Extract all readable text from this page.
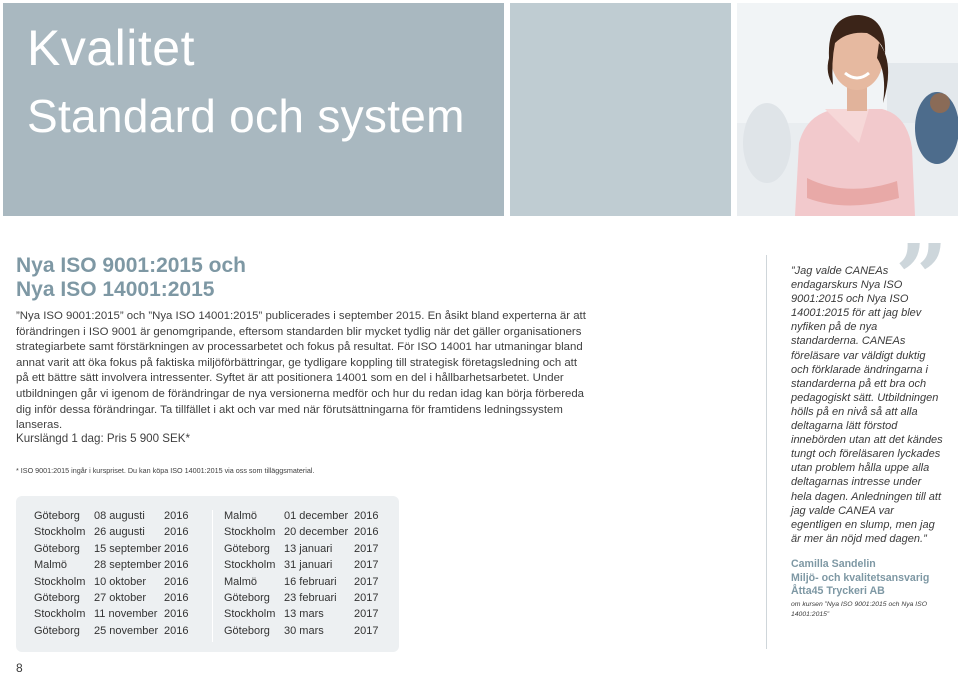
Kvalitet
Standard och system
Nya ISO 9001:2015 och
Nya ISO 14001:2015

”Nya ISO 9001:2015” och ”Nya ISO 14001:2015” publicerades i september 2015. En åsikt bland experterna är att förändringen i ISO 9001 är genomgripande, eftersom standarden blir mycket tydlig när det gäller organisationers strategiarbete samt förstärkningen av processarbetet och fokus på resultat. För ISO 14001 har utmaningar bland annat varit att öka fokus på faktiska miljöförbättringar, ge tydligare koppling till strategisk företagsledning och att på ett bättre sätt involvera intressenter. Syftet är att positionera 14001 som en del i hållbarhetsarbetet. Under utbildningen går vi igenom de förändringar de nya versionerna medför och hur du redan idag kan börja förbereda dig inför dessa förändringar. Ta tillfället i akt och var med när förutsättningarna för framtidens ledningssystem lanseras.

Kurslängd 1 dag: Pris 5 900 SEK*
* ISO 9001:2015 ingår i kurspriset. Du kan köpa ISO 14001:2015 via oss som tilläggsmaterial.
Göteborg 08 augusti 2016
Stockholm 26 augusti 2016
Göteborg 15 september 2016
Malmö 28 september 2016
Stockholm 10 oktober 2016
Göteborg 27 oktober 2016
Stockholm 11 november 2016
Göteborg 25 november 2016
Malmö 01 december 2016
Stockholm 20 december 2016
Göteborg 13 januari 2017
Stockholm 31 januari 2017
Malmö 16 februari 2017
Göteborg 23 februari 2017
Stockholm 13 mars	2017
Göteborg 30 mars	2017
”

”Jag valde CANEAs endagarskurs Nya ISO 9001:2015 och Nya ISO 14001:2015 för att jag blev nyfiken på de nya standarderna. CANEAs föreläsare var väldigt duktig och förklarade ändringarna i standarderna på ett bra och pedagogiskt sätt. Utbildningen hölls på en nivå så att alla deltagarna lätt förstod innebörden utan att det kändes tungt och föreläsaren lyckades utan problem hålla uppe alla deltagarnas intresse under hela dagen. Anledningen till att jag valde CANEA var egentligen en slump, men jag är mer än nöjd med dagen.”

Camilla Sandelin
Miljö- och kvalitetsansvarig
Åtta45 Tryckeri AB

om kursen ”Nya ISO 9001:2015 och Nya ISO 14001:2015”

8
